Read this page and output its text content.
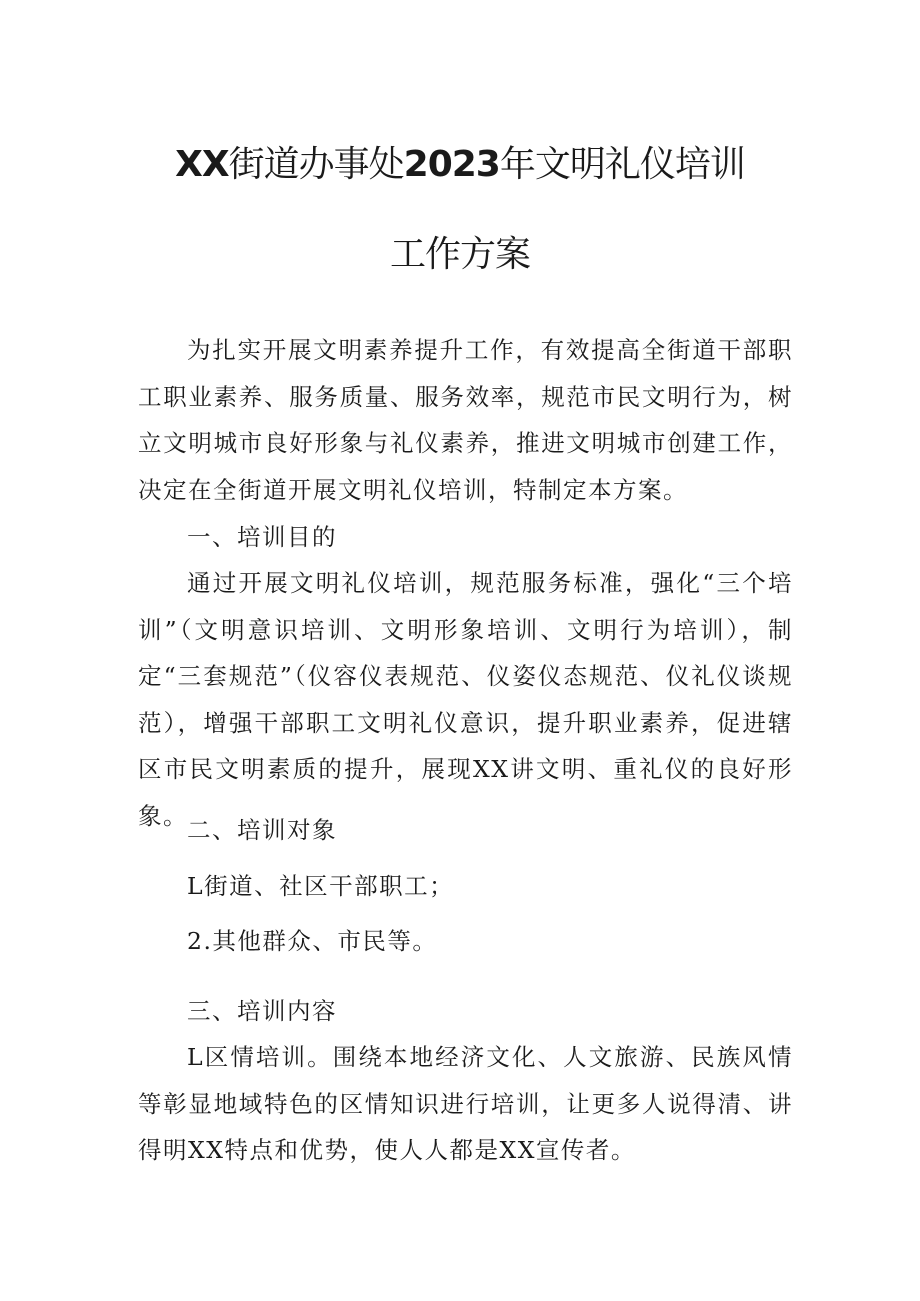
XX街道办事处2023年文明礼仪培训
工作方案

为扎实开展文明素养提升工作，有效提高全街道干部职工职业素养、服务质量、服务效率，规范市民文明行为，树立文明城市良好形象与礼仪素养，推进文明城市创建工作，决定在全街道开展文明礼仪培训，特制定本方案。

一、培训目的

通过开展文明礼仪培训，规范服务标准，强化“三个培训”（文明意识培训、文明形象培训、文明行为培训），制定“三套规范”（仪容仪表规范、仪姿仪态规范、仪礼仪谈规范），增强干部职工文明礼仪意识，提升职业素养，促进辖区市民文明素质的提升，展现XX讲文明、重礼仪的良好形象。

二、培训对象

L街道、社区干部职工；

2.其他群众、市民等。

三、培训内容

L区情培训。围绕本地经济文化、人文旅游、民族风情等彰显地域特色的区情知识进行培训，让更多人说得清、讲得明XX特点和优势，使人人都是XX宣传者。
